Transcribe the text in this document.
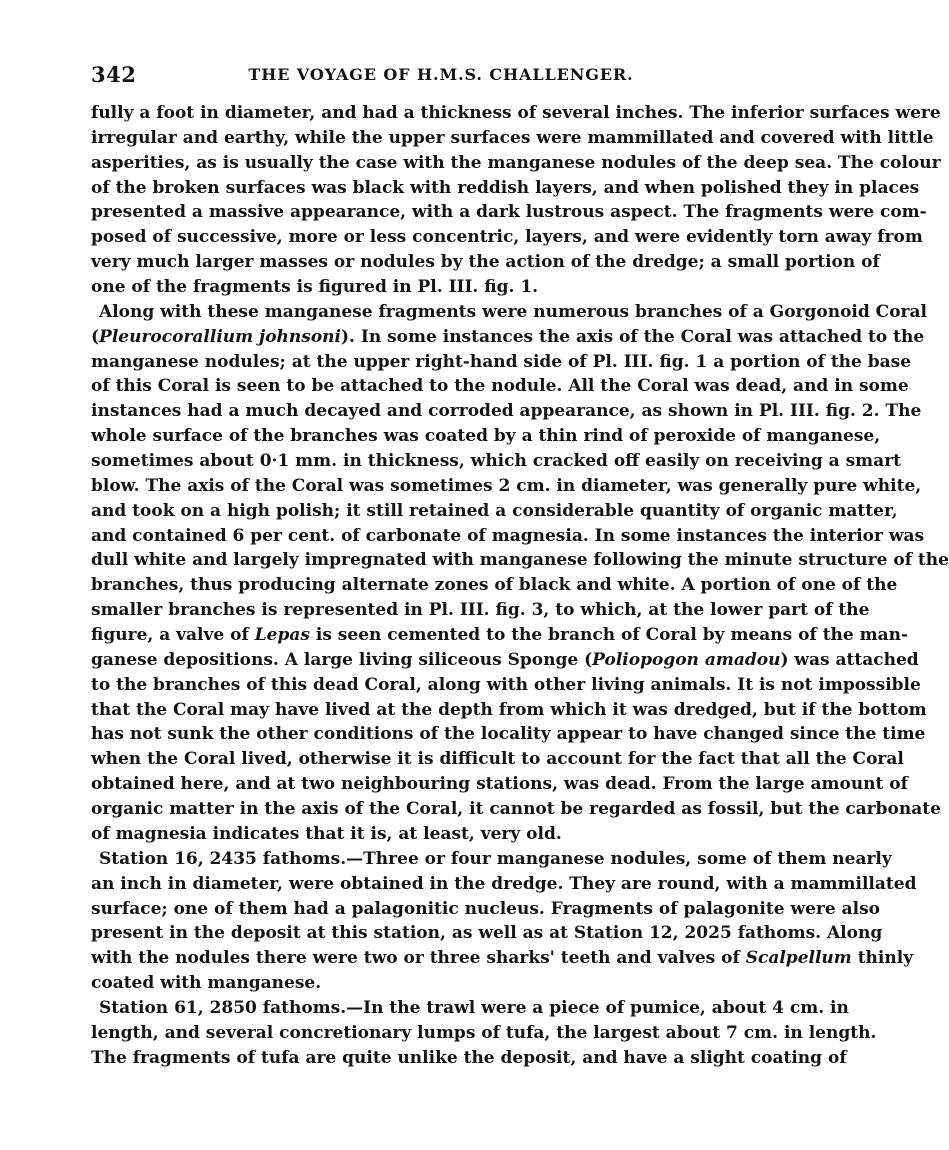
342	THE VOYAGE OF H.M.S. CHALLENGER.
fully a foot in diameter, and had a thickness of several inches. The inferior surfaces were
irregular and earthy, while the upper surfaces were mammillated and covered with little
asperities, as is usually the case with the manganese nodules of the deep sea. The colour
of the broken surfaces was black with reddish layers, and when polished they in places
presented a massive appearance, with a dark lustrous aspect. The fragments were com-
posed of successive, more or less concentric, layers, and were evidently torn away from
very much larger masses or nodules by the action of the dredge; a small portion of
one of the fragments is figured in Pl. III. fig. 1.
Along with these manganese fragments were numerous branches of a Gorgonoid Coral
(Pleurocorallium johnsoni). In some instances the axis of the Coral was attached to the
manganese nodules; at the upper right-hand side of Pl. III. fig. 1 a portion of the base
of this Coral is seen to be attached to the nodule. All the Coral was dead, and in some
instances had a much decayed and corroded appearance, as shown in Pl. III. fig. 2. The
whole surface of the branches was coated by a thin rind of peroxide of manganese,
sometimes about 0·1 mm. in thickness, which cracked off easily on receiving a smart
blow. The axis of the Coral was sometimes 2 cm. in diameter, was generally pure white,
and took on a high polish; it still retained a considerable quantity of organic matter,
and contained 6 per cent. of carbonate of magnesia. In some instances the interior was
dull white and largely impregnated with manganese following the minute structure of the
branches, thus producing alternate zones of black and white. A portion of one of the
smaller branches is represented in Pl. III. fig. 3, to which, at the lower part of the
figure, a valve of Lepas is seen cemented to the branch of Coral by means of the man-
ganese depositions. A large living siliceous Sponge (Poliopogon amadou) was attached
to the branches of this dead Coral, along with other living animals. It is not impossible
that the Coral may have lived at the depth from which it was dredged, but if the bottom
has not sunk the other conditions of the locality appear to have changed since the time
when the Coral lived, otherwise it is difficult to account for the fact that all the Coral
obtained here, and at two neighbouring stations, was dead. From the large amount of
organic matter in the axis of the Coral, it cannot be regarded as fossil, but the carbonate
of magnesia indicates that it is, at least, very old.
Station 16, 2435 fathoms.—Three or four manganese nodules, some of them nearly
an inch in diameter, were obtained in the dredge. They are round, with a mammillated
surface; one of them had a palagonitic nucleus. Fragments of palagonite were also
present in the deposit at this station, as well as at Station 12, 2025 fathoms. Along
with the nodules there were two or three sharks' teeth and valves of Scalpellum thinly
coated with manganese.
Station 61, 2850 fathoms.—In the trawl were a piece of pumice, about 4 cm. in
length, and several concretionary lumps of tufa, the largest about 7 cm. in length.
The fragments of tufa are quite unlike the deposit, and have a slight coating of
